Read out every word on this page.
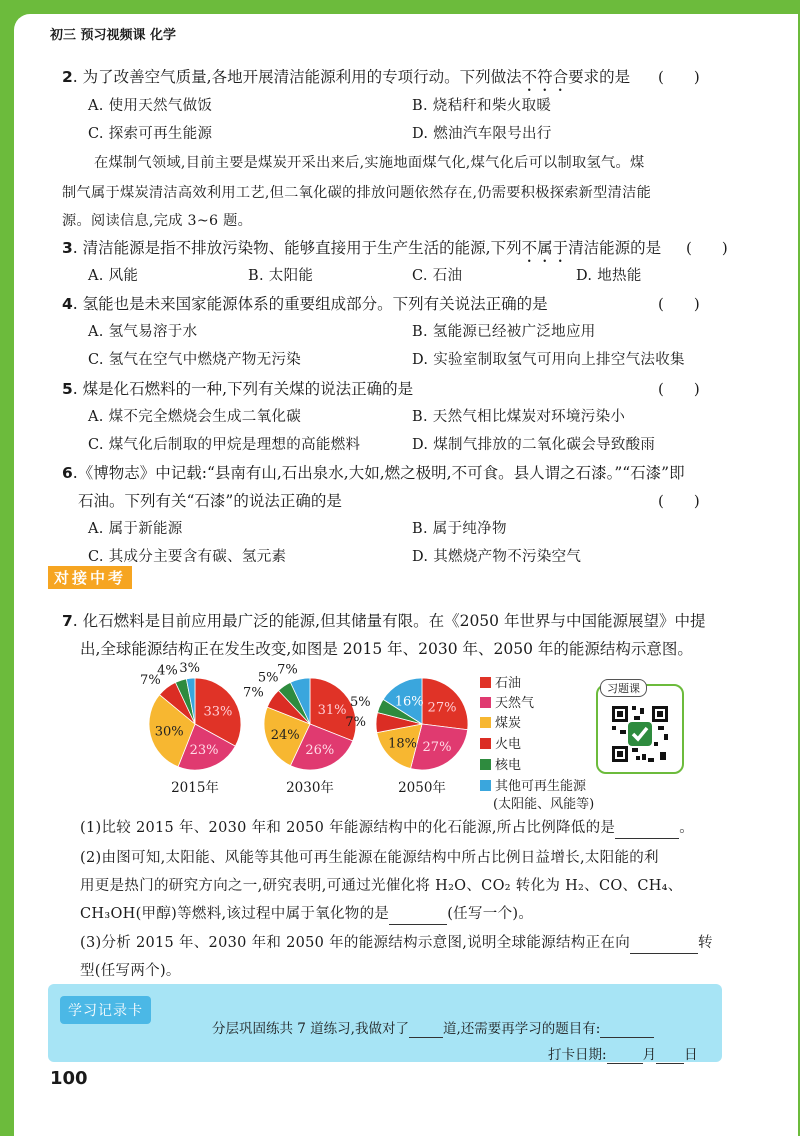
初三 预习视频课 化学
2. 为了改善空气质量,各地开展清洁能源利用的专项行动。下列做法不符合要求的是 (　　)
A. 使用天然气做饭	B. 烧秸秆和柴火取暖
C. 探索可再生能源	D. 燃油汽车限号出行
在煤制气领域,目前主要是煤炭开采出来后,实施地面煤气化,煤气化后可以制取氢气。煤
制气属于煤炭清洁高效利用工艺,但二氧化碳的排放问题依然存在,仍需要积极探索新型清洁能
源。阅读信息,完成 3~6 题。
3. 清洁能源是指不排放污染物、能够直接用于生产生活的能源,下列不属于清洁能源的是 (　　)
A. 风能	B. 太阳能	C. 石油	D. 地热能
4. 氢能也是未来国家能源体系的重要组成部分。下列有关说法正确的是	(　　)
A. 氢气易溶于水	B. 氢能源已经被广泛地应用
C. 氢气在空气中燃烧产物无污染	D. 实验室制取氢气可用向上排空气法收集
5. 煤是化石燃料的一种,下列有关煤的说法正确的是	(　　)
A. 煤不完全燃烧会生成二氧化碳	B. 天然气相比煤炭对环境污染小
C. 煤气化后制取的甲烷是理想的高能燃料	D. 煤制气排放的二氧化碳会导致酸雨
6.《博物志》中记载:“县南有山,石出泉水,大如,燃之极明,不可食。县人谓之石漆。”“石漆”即
石油。下列有关“石漆”的说法正确的是	(　　)
A. 属于新能源	B. 属于纯净物
C. 其成分主要含有碳、氢元素	D. 其燃烧产物不污染空气
对接中考
7. 化石燃料是目前应用最广泛的能源,但其储量有限。在《2050 年世界与中国能源展望》中提
出,全球能源结构正在发生改变,如图是 2015 年、2030 年、2050 年的能源结构示意图。
33%
23%
30%
7%
4% 3%
2015年
31%
26%
24%
7%
5%
7%
2030年
27%
27%
18%
7%
5% 16%
2050年
石油
天然气
煤炭
火电
核电
其他可再生能源
(太阳能、风能等)
习题课
(1)比较 2015 年、2030 年和 2050 年能源结构中的化石能源,所占比例降低的是	。
(2)由图可知,太阳能、风能等其他可再生能源在能源结构中所占比例日益增长,太阳能的利
用更是热门的研究方向之一,研究表明,可通过光催化将 H₂O、CO₂ 转化为 H₂、CO、CH₄、
CH₃OH(甲醇)等燃料,该过程中属于氧化物的是	(任写一个)。
(3)分析 2015 年、2030 年和 2050 年的能源结构示意图,说明全球能源结构正在向	转
型(任写两个)。
学习记录卡
分层巩固练共 7 道练习,我做对了	道,还需要再学习的题目有:
打卡日期:	月 日
100
